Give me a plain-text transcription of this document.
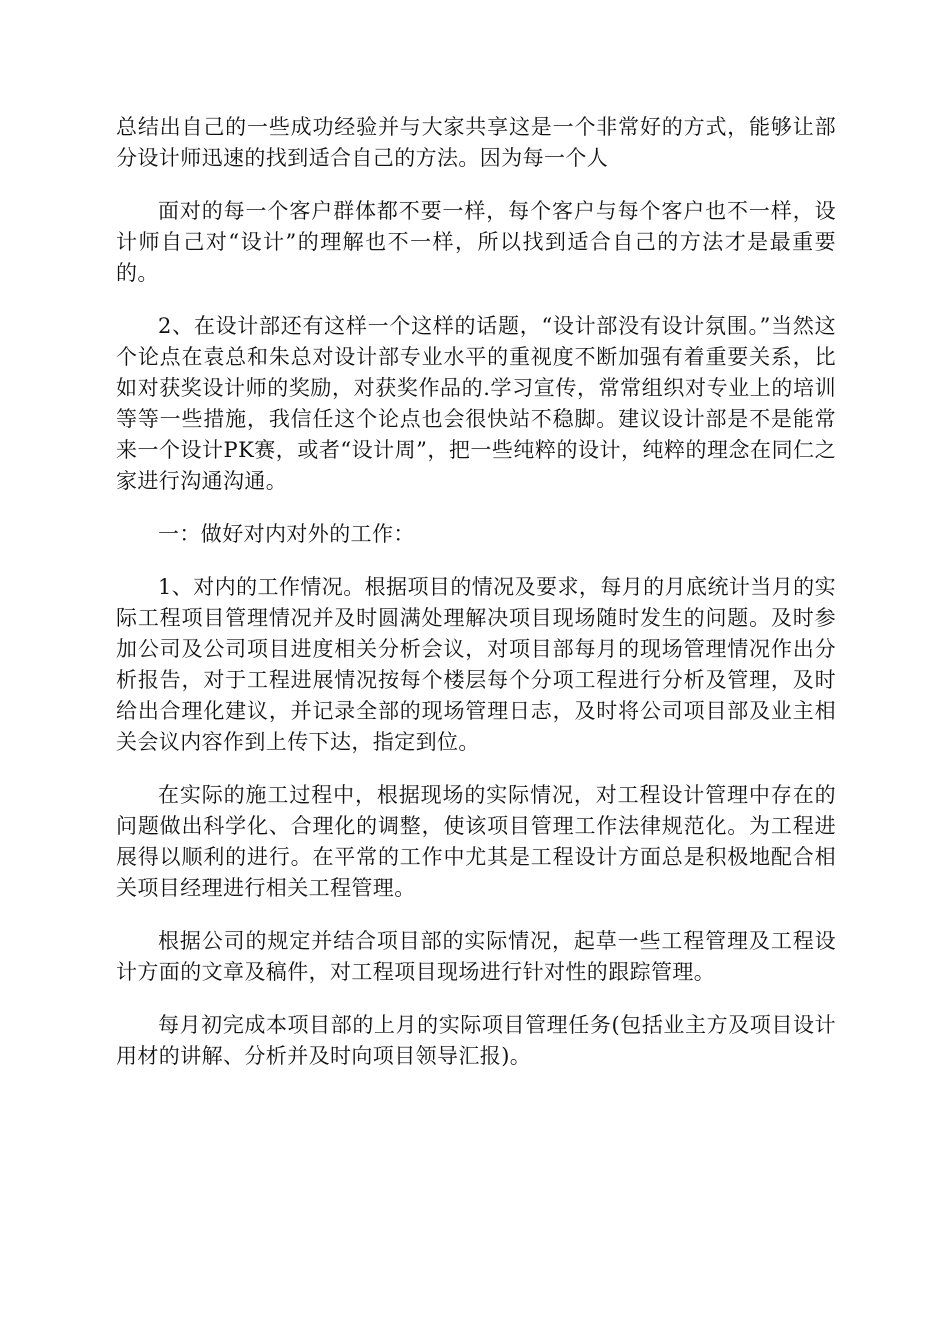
总结出自己的一些成功经验并与大家共享这是一个非常好的方式，能够让部分设计师迅速的找到适合自己的方法。因为每一个人

面对的每一个客户群体都不要一样，每个客户与每个客户也不一样，设计师自己对“设计”的理解也不一样，所以找到适合自己的方法才是最重要的。

2、在设计部还有这样一个这样的话题，“设计部没有设计氛围。”当然这个论点在袁总和朱总对设计部专业水平的重视度不断加强有着重要关系，比如对获奖设计师的奖励，对获奖作品的.学习宣传，常常组织对专业上的培训等等一些措施，我信任这个论点也会很快站不稳脚。建议设计部是不是能常来一个设计PK赛，或者“设计周”，把一些纯粹的设计，纯粹的理念在同仁之家进行沟通沟通。

一：做好对内对外的工作：

1、对内的工作情况。根据项目的情况及要求，每月的月底统计当月的实际工程项目管理情况并及时圆满处理解决项目现场随时发生的问题。及时参加公司及公司项目进度相关分析会议，对项目部每月的现场管理情况作出分析报告，对于工程进展情况按每个楼层每个分项工程进行分析及管理，及时给出合理化建议，并记录全部的现场管理日志，及时将公司项目部及业主相关会议内容作到上传下达，指定到位。

在实际的施工过程中，根据现场的实际情况，对工程设计管理中存在的问题做出科学化、合理化的调整，使该项目管理工作法律规范化。为工程进展得以顺利的进行。在平常的工作中尤其是工程设计方面总是积极地配合相关项目经理进行相关工程管理。

根据公司的规定并结合项目部的实际情况，起草一些工程管理及工程设计方面的文章及稿件，对工程项目现场进行针对性的跟踪管理。

每月初完成本项目部的上月的实际项目管理任务(包括业主方及项目设计用材的讲解、分析并及时向项目领导汇报)。
